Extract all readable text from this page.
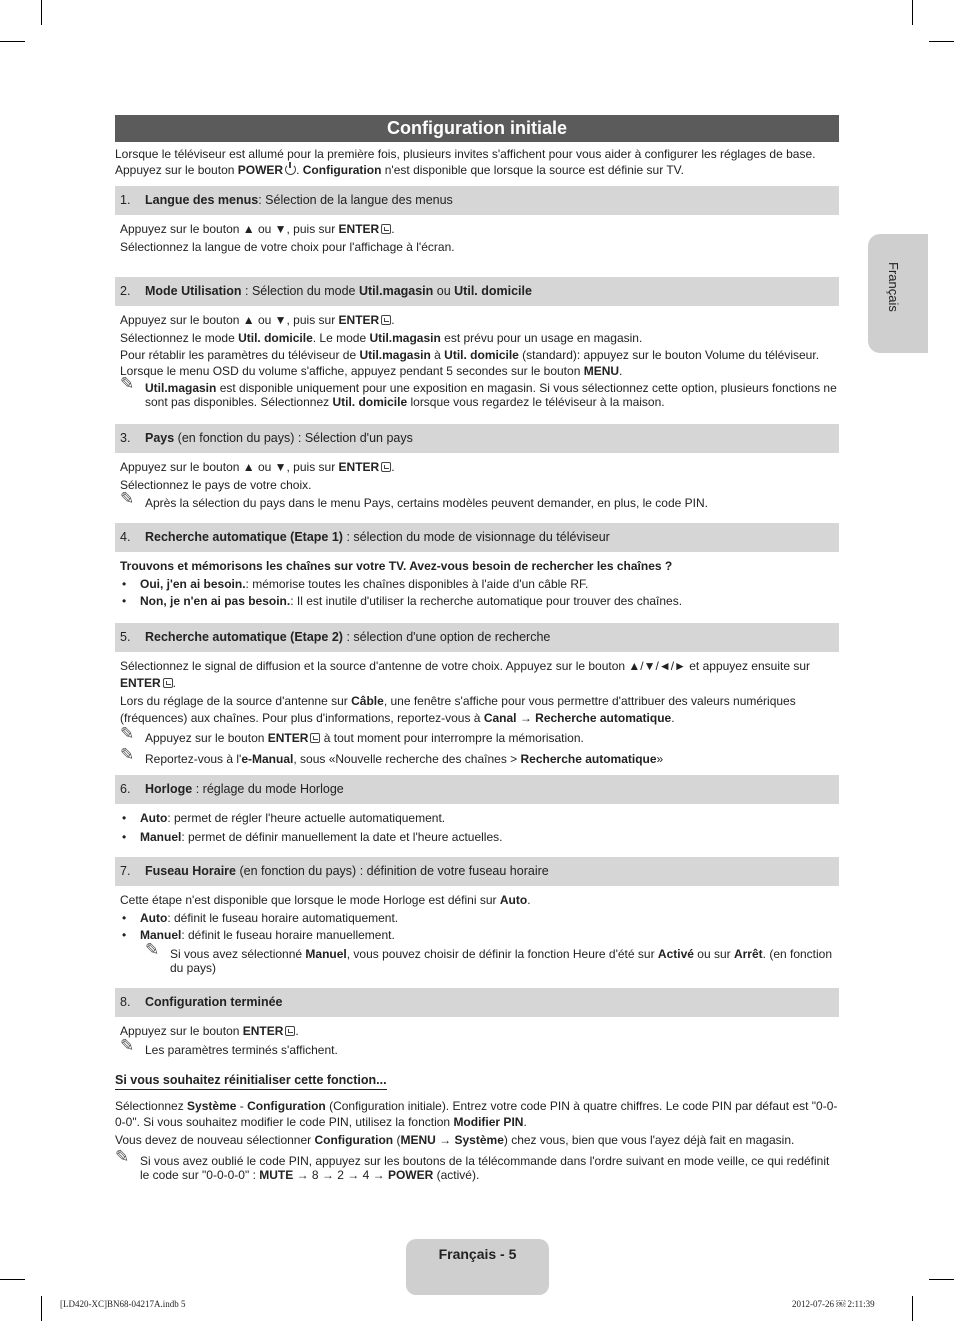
Français
Configuration initiale
Lorsque le téléviseur est allumé pour la première fois, plusieurs invites s'affichent pour vous aider à configurer les réglages de base.
Appuyez sur le bouton POWER . Configuration n'est disponible que lorsque la source est définie sur TV.
1. Langue des menus: Sélection de la langue des menus

Appuyez sur le bouton ▲ ou ▼, puis sur ENTER .

Sélectionnez la langue de votre choix pour l'affichage à l'écran.

2. Mode Utilisation : Sélection du mode Util.magasin ou Util. domicile

Appuyez sur le bouton ▲ ou ▼, puis sur ENTER .

Sélectionnez le mode Util. domicile. Le mode Util.magasin est prévu pour un usage en magasin.

Pour rétablir les paramètres du téléviseur de Util.magasin à Util. domicile (standard): appuyez sur le bouton Volume du téléviseur.
Lorsque le menu OSD du volume s'affiche, appuyez pendant 5 secondes sur le bouton MENU.

✎ Util.magasin est disponible uniquement pour une exposition en magasin. Si vous sélectionnez cette option, plusieurs fonctions ne sont pas disponibles. Sélectionnez Util. domicile lorsque vous regardez le téléviseur à la maison.
3. Pays (en fonction du pays) : Sélection d'un pays

Appuyez sur le bouton ▲ ou ▼, puis sur ENTER .

Sélectionnez le pays de votre choix.

✎ Après la sélection du pays dans le menu Pays, certains modèles peuvent demander, en plus, le code PIN.
4. Recherche automatique (Etape 1) : sélection du mode de visionnage du téléviseur

Trouvons et mémorisons les chaînes sur votre TV. Avez-vous besoin de rechercher les chaînes ?

• Oui, j'en ai besoin.: mémorise toutes les chaînes disponibles à l'aide d'un câble RF.

• Non, je n'en ai pas besoin.: Il est inutile d'utiliser la recherche automatique pour trouver des chaînes.

5. Recherche automatique (Etape 2) : sélection d'une option de recherche

Sélectionnez le signal de diffusion et la source d'antenne de votre choix. Appuyez sur le bouton ▲/▼/◄/► et appuyez ensuite sur ENTER .

Lors du réglage de la source d'antenne sur Câble, une fenêtre s'affiche pour vous permettre d'attribuer des valeurs numériques (fréquences) aux chaînes. Pour plus d'informations, reportez-vous à Canal → Recherche automatique.

✎ Appuyez sur le bouton ENTER à tout moment pour interrompre la mémorisation.
✎ Reportez-vous à l'e-Manual, sous «Nouvelle recherche des chaînes > Recherche automatique»
6. Horloge : réglage du mode Horloge

• Auto: permet de régler l'heure actuelle automatiquement.

• Manuel: permet de définir manuellement la date et l'heure actuelles.

7. Fuseau Horaire (en fonction du pays) : définition de votre fuseau horaire

Cette étape n'est disponible que lorsque le mode Horloge est défini sur Auto.

• Auto: définit le fuseau horaire automatiquement.

• Manuel: définit le fuseau horaire manuellement.

✎ Si vous avez sélectionné Manuel, vous pouvez choisir de définir la fonction Heure d'été sur Activé ou sur Arrêt. (en fonction du pays)
8. Configuration terminée

Appuyez sur le bouton ENTER .

✎ Les paramètres terminés s'affichent.
Si vous souhaitez réinitialiser cette fonction...

Sélectionnez Système - Configuration (Configuration initiale). Entrez votre code PIN à quatre chiffres. Le code PIN par défaut est "0-0-0-0". Si vous souhaitez modifier le code PIN, utilisez la fonction Modifier PIN.

Vous devez de nouveau sélectionner Configuration (MENU → Système) chez vous, bien que vous l'ayez déjà fait en magasin.

✎ Si vous avez oublié le code PIN, appuyez sur les boutons de la télécommande dans l'ordre suivant en mode veille, ce qui redéfinit le code sur "0-0-0-0" : MUTE → 8 → 2 → 4 → POWER (activé).
Français - 5
[LD420-XC]BN68-04217A.indb 5	2012-07-26 ￼ 2:11:39
